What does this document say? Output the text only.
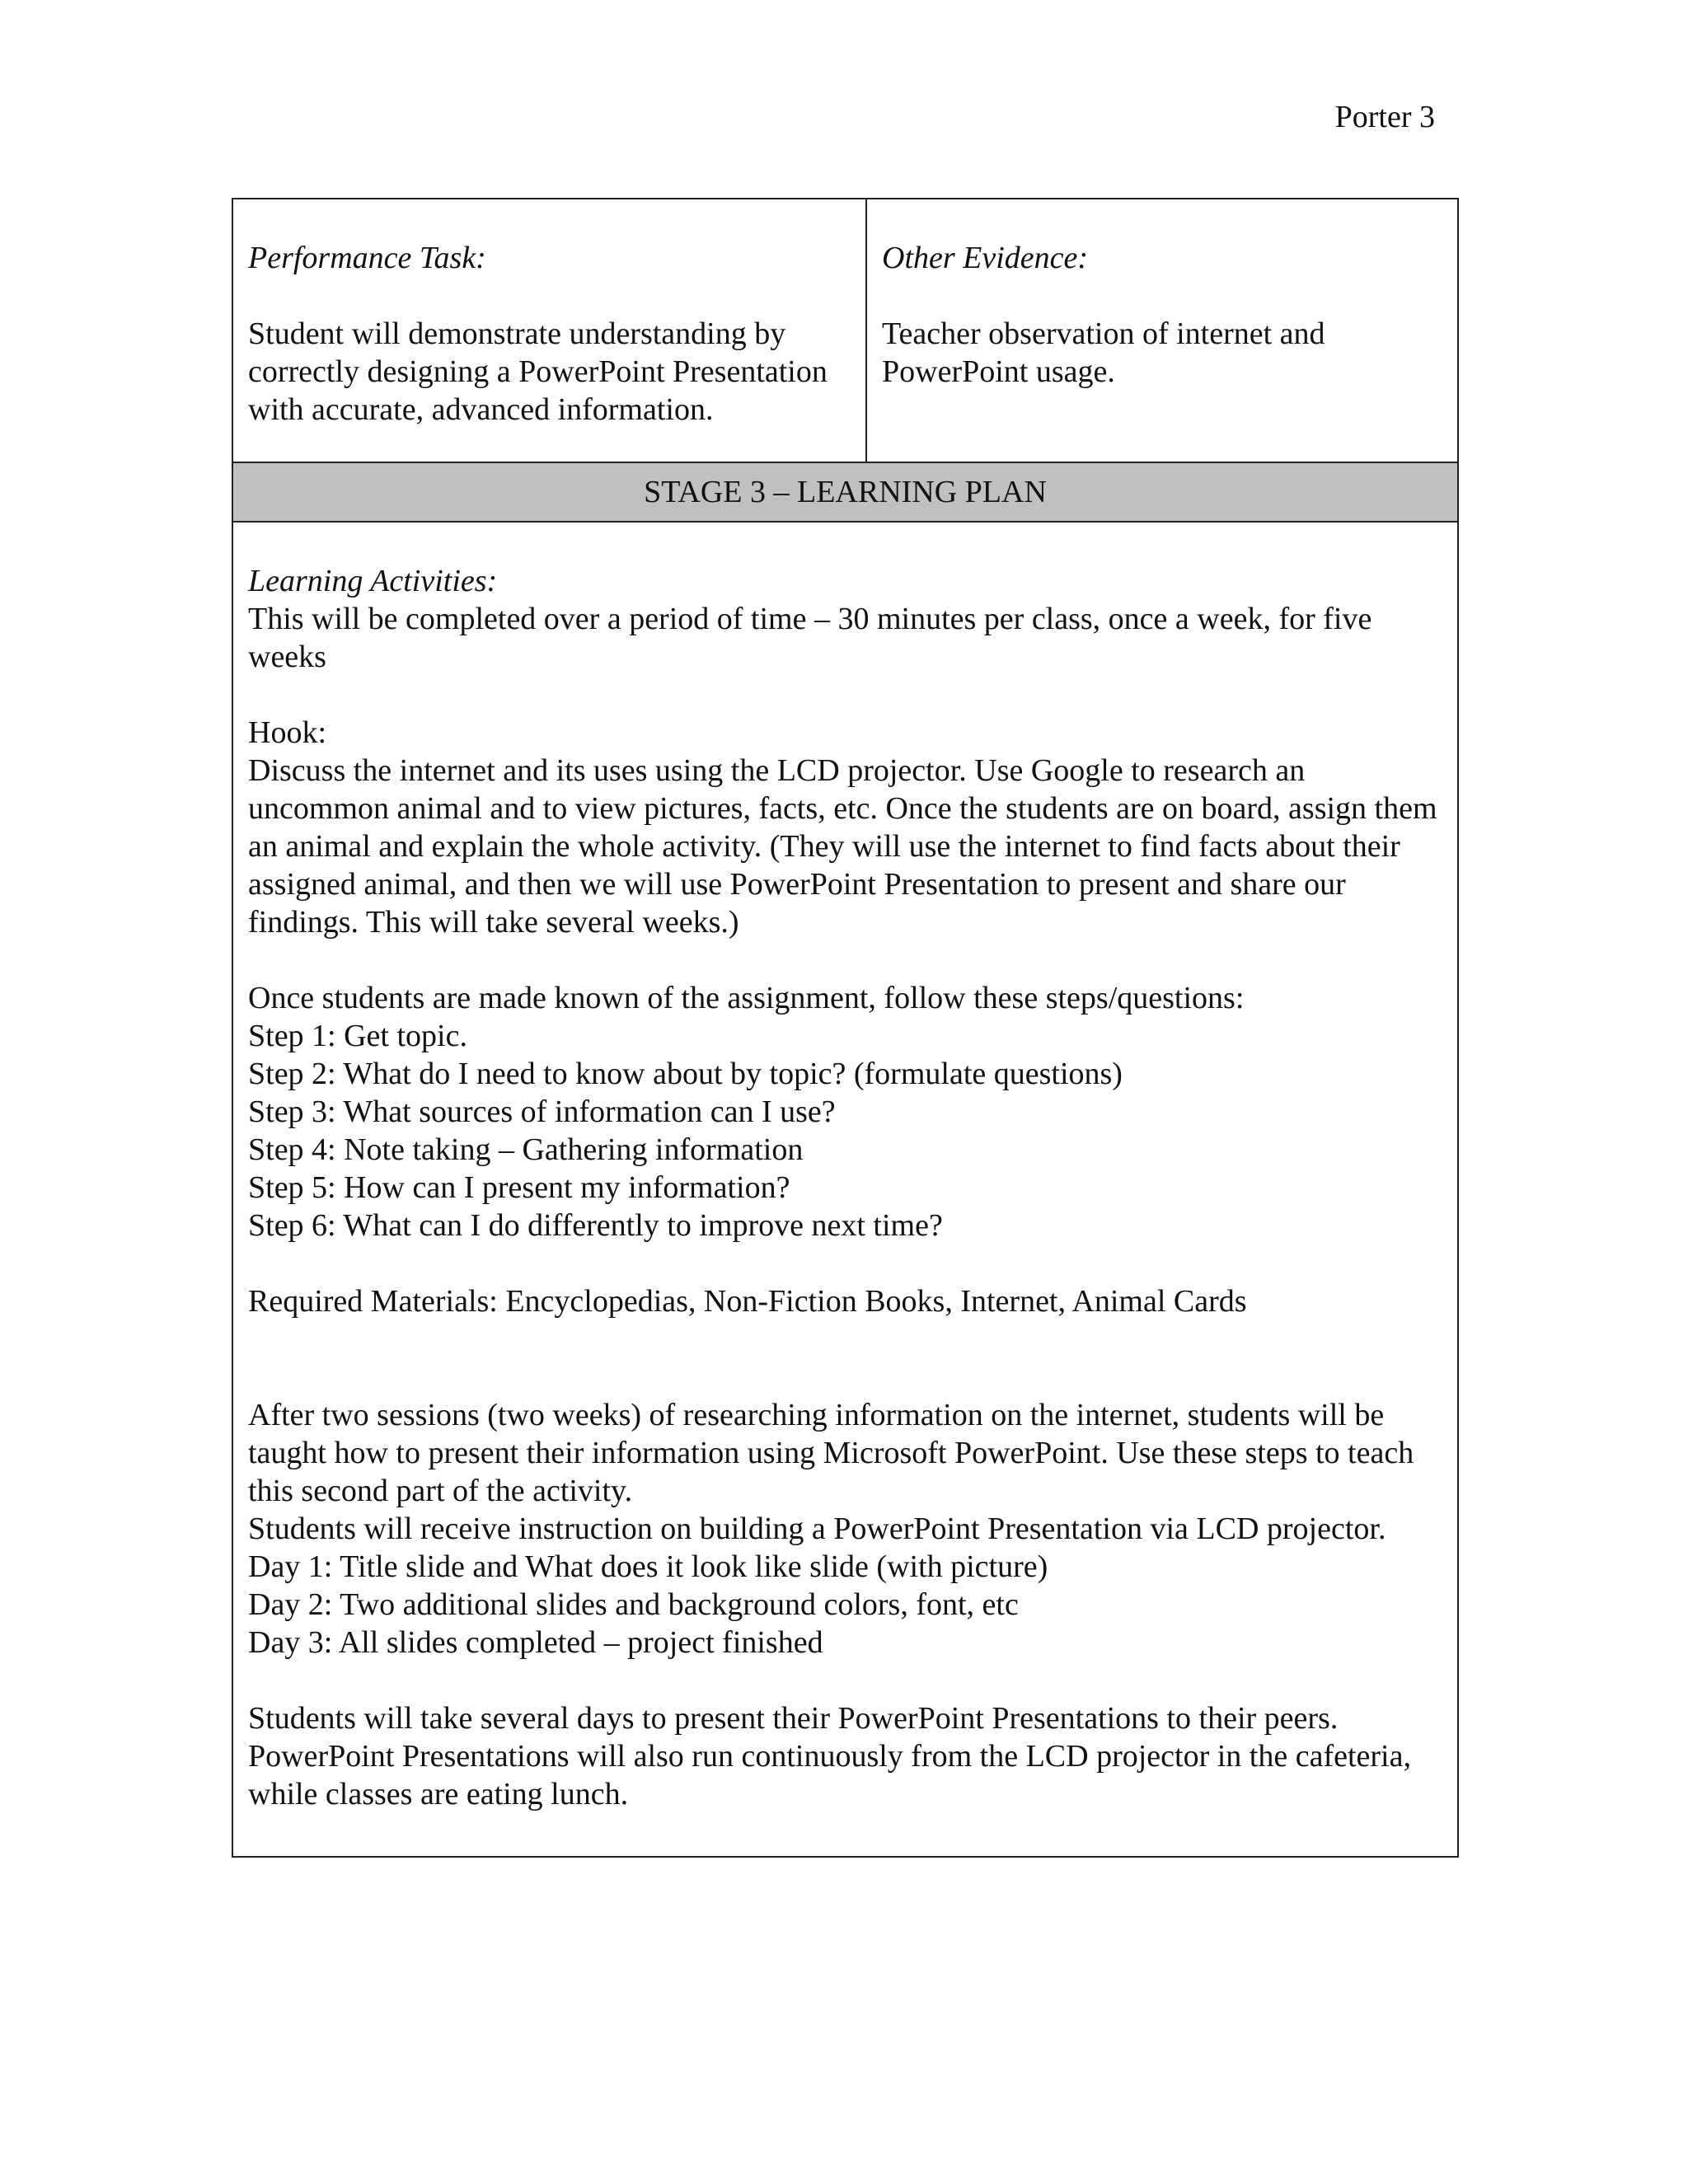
Porter 3

Performance Task:

Student will demonstrate understanding by correctly designing a PowerPoint Presentation with accurate, advanced information.

Other Evidence:

Teacher observation of internet and PowerPoint usage.

STAGE 3 – LEARNING PLAN

Learning Activities:

This will be completed over a period of time – 30 minutes per class, once a week, for five weeks

Hook:

Discuss the internet and its uses using the LCD projector. Use Google to research an uncommon animal and to view pictures, facts, etc. Once the students are on board, assign them an animal and explain the whole activity. (They will use the internet to find facts about their assigned animal, and then we will use PowerPoint Presentation to present and share our findings. This will take several weeks.)

Once students are made known of the assignment, follow these steps/questions:

Step 1: Get topic.

Step 2: What do I need to know about by topic? (formulate questions)

Step 3: What sources of information can I use?

Step 4: Note taking – Gathering information

Step 5: How can I present my information?

Step 6: What can I do differently to improve next time?

Required Materials: Encyclopedias, Non-Fiction Books, Internet, Animal Cards

After two sessions (two weeks) of researching information on the internet, students will be taught how to present their information using Microsoft PowerPoint. Use these steps to teach this second part of the activity.

Students will receive instruction on building a PowerPoint Presentation via LCD projector.

Day 1: Title slide and What does it look like slide (with picture)

Day 2: Two additional slides and background colors, font, etc

Day 3: All slides completed – project finished

Students will take several days to present their PowerPoint Presentations to their peers. PowerPoint Presentations will also run continuously from the LCD projector in the cafeteria, while classes are eating lunch.
